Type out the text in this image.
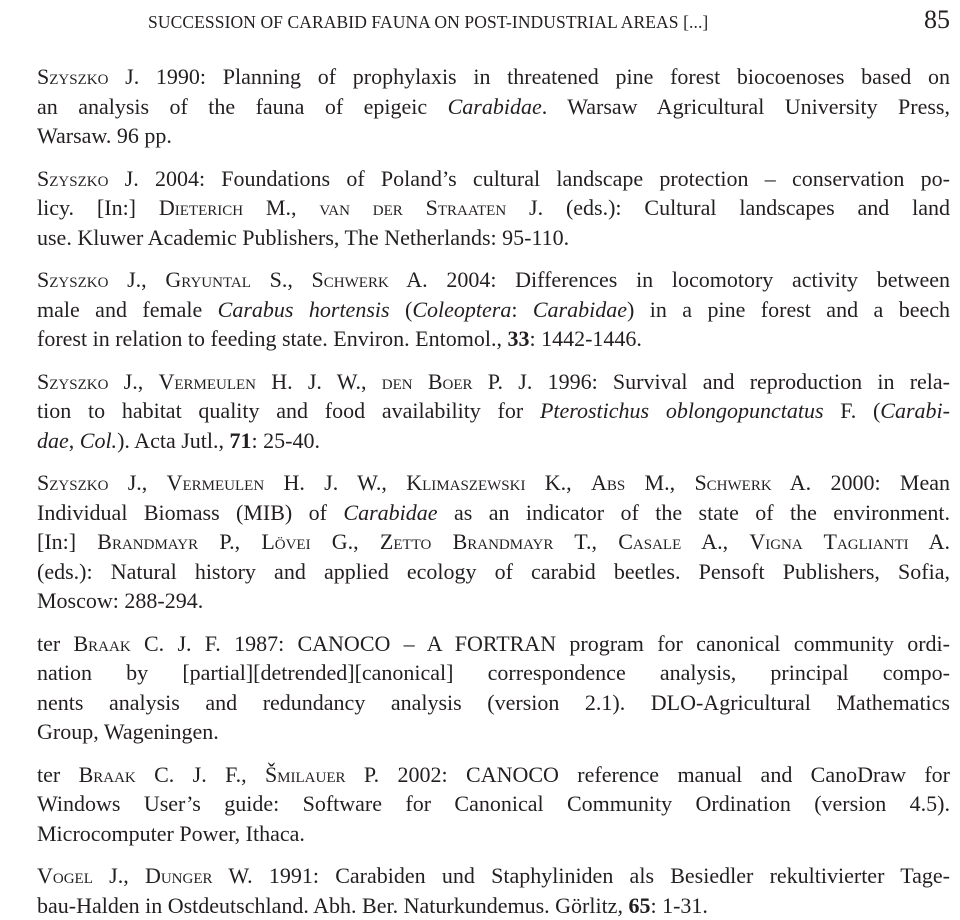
SUCCESSION OF CARABID FAUNA ON POST-INDUSTRIAL AREAS [...]	85

Szyszko J. 1990: Planning of prophylaxis in threatened pine forest biocoenoses based on
an analysis of the fauna of epigeic Carabidae. Warsaw Agricultural University Press,
Warsaw. 96 pp.

Szyszko J. 2004: Foundations of Poland’s cultural landscape protection – conservation po-
licy. [In:] Dieterich M., van der Straaten J. (eds.): Cultural landscapes and land
use. Kluwer Academic Publishers, The Netherlands: 95-110.

Szyszko J., Gryuntal S., Schwerk A. 2004: Differences in locomotory activity between
male and female Carabus hortensis (Coleoptera: Carabidae) in a pine forest and a beech
forest in relation to feeding state. Environ. Entomol., 33: 1442-1446.

Szyszko J., Vermeulen H. J. W., den Boer P. J. 1996: Survival and reproduction in rela-
tion to habitat quality and food availability for Pterostichus oblongopunctatus F. (Carabi-
dae, Col.). Acta Jutl., 71: 25-40.

Szyszko J., Vermeulen H. J. W., Klimaszewski K., Abs M., Schwerk A. 2000: Mean
Individual Biomass (MIB) of Carabidae as an indicator of the state of the environment.
[In:] Brandmayr P., Lövei G., Zetto Brandmayr T., Casale A., Vigna Taglianti A.
(eds.): Natural history and applied ecology of carabid beetles. Pensoft Publishers, Sofia,
Moscow: 288-294.

ter Braak C. J. F. 1987: CANOCO – A FORTRAN program for canonical community ordi-
nation by [partial][detrended][canonical] correspondence analysis, principal compo-
nents analysis and redundancy analysis (version 2.1). DLO-Agricultural Mathematics
Group, Wageningen.

ter Braak C. J. F., Šmilauer P. 2002: CANOCO reference manual and CanoDraw for
Windows User’s guide: Software for Canonical Community Ordination (version 4.5).
Microcomputer Power, Ithaca.

Vogel J., Dunger W. 1991: Carabiden und Staphyliniden als Besiedler rekultivierter Tage-
bau-Halden in Ostdeutschland. Abh. Ber. Naturkundemus. Görlitz, 65: 1-31.
